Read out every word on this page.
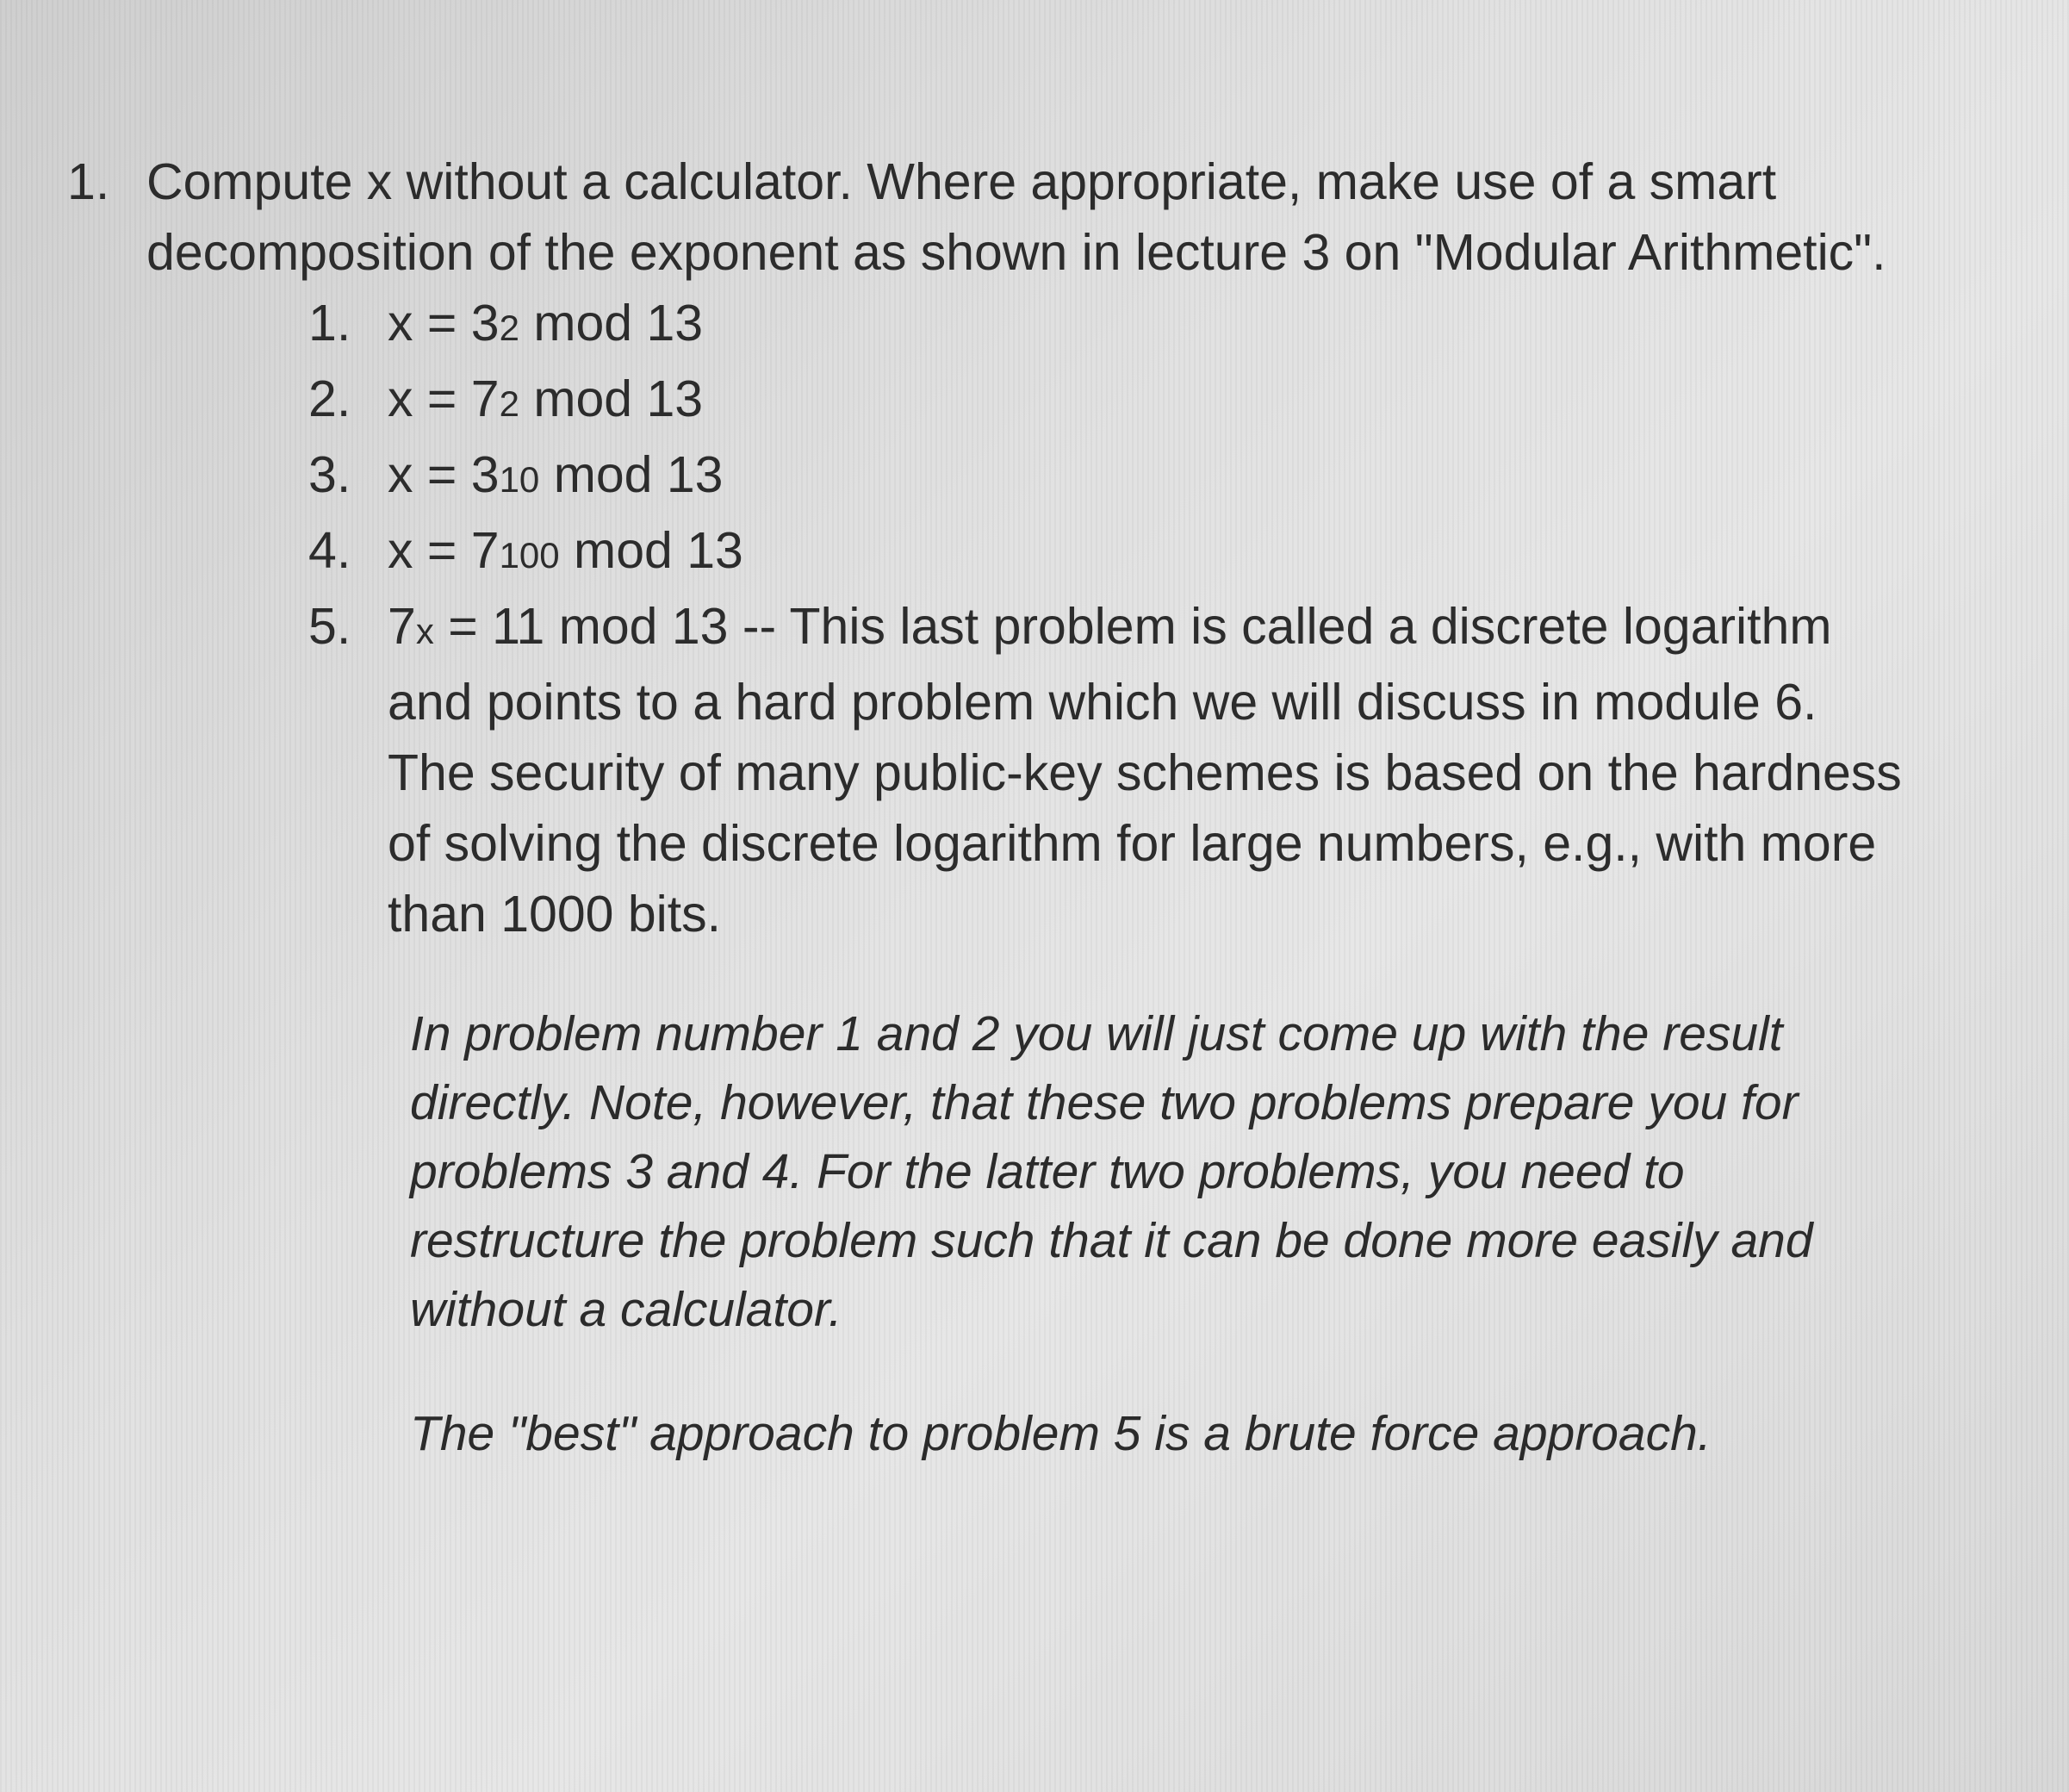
1. Compute x without a calculator. Where appropriate, make use of a smart decomposition of the exponent as shown in lecture 3 on "Modular Arithmetic".
1. x = 32 mod 13
2. x = 72 mod 13
3. x = 310 mod 13
4. x = 7100 mod 13
5. 7x = 11 mod 13 -- This last problem is called a discrete logarithm and points to a hard problem which we will discuss in module 6. The security of many public-key schemes is based on the hardness of solving the discrete logarithm for large numbers, e.g., with more than 1000 bits.
In problem number 1 and 2 you will just come up with the result directly. Note, however, that these two problems prepare you for problems 3 and 4. For the latter two problems, you need to restructure the problem such that it can be done more easily and without a calculator.
The "best" approach to problem 5 is a brute force approach.
